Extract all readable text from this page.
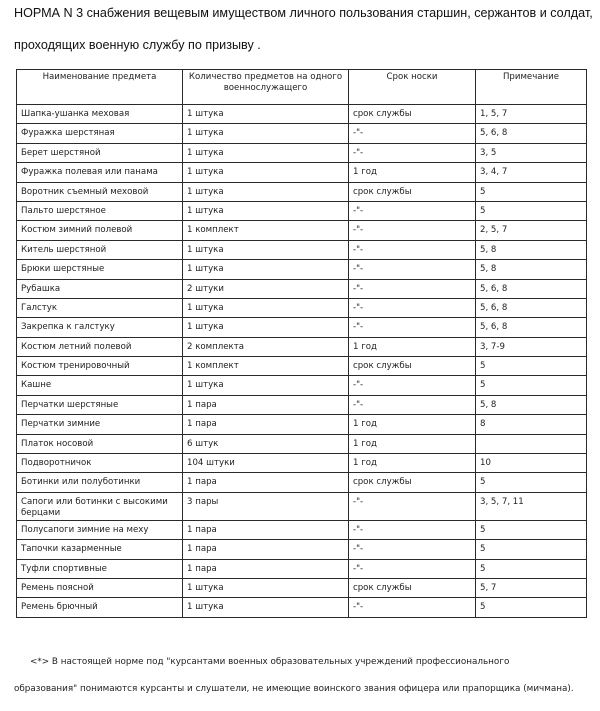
НОРМА N 3 снабжения вещевым имуществом личного пользования старшин, сержантов и солдат,
проходящих военную службу по призыву .
Наименование предмета	Количество предметов на одного военнослужащего	Срок носки	Примечание
Шапка-ушанка меховая	1 штука	срок службы	1, 5, 7
Фуражка шерстяная	1 штука	-"-	5, 6, 8
Берет шерстяной	1 штука	-"-	3, 5
Фуражка полевая или панама	1 штука	1 год	3, 4, 7
Воротник съемный меховой	1 штука	срок службы	5
Пальто шерстяное	1 штука	-"-	5
Костюм зимний полевой	1 комплект	-"-	2, 5, 7
Китель шерстяной	1 штука	-"-	5, 8
Брюки шерстяные	1 штука	-"-	5, 8
Рубашка	2 штуки	-"-	5, 6, 8
Галстук	1 штука	-"-	5, 6, 8
Закрепка к галстуку	1 штука	-"-	5, 6, 8
Костюм летний полевой	2 комплекта	1 год	3, 7-9
Костюм тренировочный	1 комплект	срок службы	5
Кашне	1 штука	-"-	5
Перчатки шерстяные	1 пара	-"-	5, 8
Перчатки зимние	1 пара	1 год	8
Платок носовой	6 штук	1 год	
Подворотничок	104 штуки	1 год	10
Ботинки или полуботинки	1 пара	срок службы	5
Сапоги или ботинки с высокими берцами	3 пары	-"-	3, 5, 7, 11
Полусапоги зимние на меху	1 пара	-"-	5
Тапочки казарменные	1 пара	-"-	5
Туфли спортивные	1 пара	-"-	5
Ремень поясной	1 штука	срок службы	5, 7
Ремень брючный	1 штука	-"-	5
<*> В настоящей норме под "курсантами военных образовательных учреждений профессионального
образования" понимаются курсанты и слушатели, не имеющие воинского звания офицера или прапорщика (мичмана).
